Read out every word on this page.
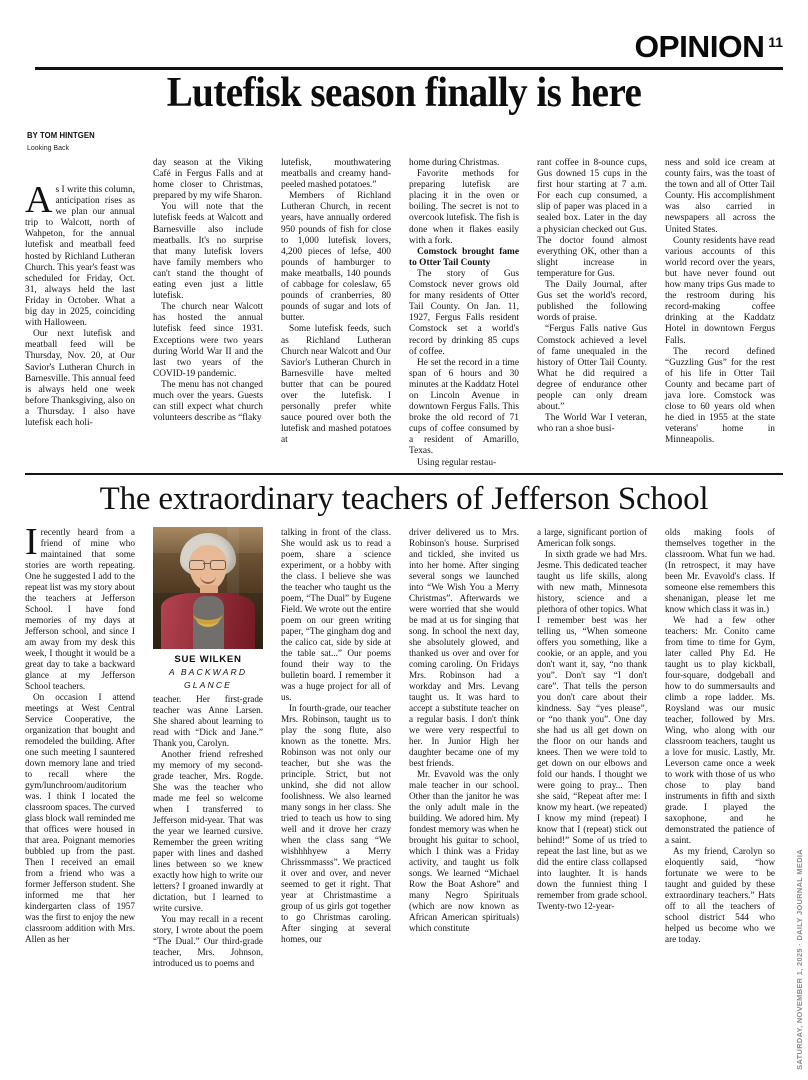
OPINION 11
Lutefisk season finally is here
BY TOM HINTGEN
Looking Back

As I write this column, anticipation rises as we plan our annual trip to Walcott, north of Wahpeton, for the annual lutefisk and meatball feed hosted by Richland Lutheran Church. This year's feast was scheduled for Friday, Oct. 31, always held the last Friday in October. What a big day in 2025, coinciding with Halloween.

Our next lutefisk and meatball feed will be Thursday, Nov. 20, at Our Savior's Lutheran Church in Barnesville. This annual feed is always held one week before Thanksgiving, also on a Thursday. I also have lutefisk each holi-

day season at the Viking Café in Fergus Falls and at home closer to Christmas, prepared by my wife Sharon.

You will note that the lutefisk feeds at Walcott and Barnesville also include meatballs. It's no surprise that many lutefisk lovers have family members who can't stand the thought of eating even just a little lutefisk.

The church near Walcott has hosted the annual lutefisk feed since 1931. Exceptions were two years during World War II and the last two years of the COVID-19 pandemic.

The menu has not changed much over the years. Guests can still expect what church volunteers describe as “flaky

lutefisk, mouthwatering meatballs and creamy hand-peeled mashed potatoes.”

Members of Richland Lutheran Church, in recent years, have annually ordered 950 pounds of fish for close to 1,000 lutefisk lovers, 4,200 pieces of lefse, 400 pounds of hamburger to make meatballs, 140 pounds of cabbage for coleslaw, 65 pounds of cranberries, 80 pounds of sugar and lots of butter.

Some lutefisk feeds, such as Richland Lutheran Church near Walcott and Our Savior's Lutheran Church in Barnesville have melted butter that can be poured over the lutefisk. I personally prefer white sauce poured over both the lutefisk and mashed potatoes at

home during Christmas.

Favorite methods for preparing lutefisk are placing it in the oven or boiling. The secret is not to overcook lutefisk. The fish is done when it flakes easily with a fork.

Comstock brought fame to Otter Tail County

The story of Gus Comstock never grows old for many residents of Otter Tail County. On Jan. 11, 1927, Fergus Falls resident Comstock set a world's record by drinking 85 cups of coffee.

He set the record in a time span of 6 hours and 30 minutes at the Kaddatz Hotel on Lincoln Avenue in downtown Fergus Falls. This broke the old record of 71 cups of coffee consumed by a resident of Amarillo, Texas.

Using regular restau-

rant coffee in 8-ounce cups, Gus downed 15 cups in the first hour starting at 7 a.m. For each cup consumed, a slip of paper was placed in a sealed box. Later in the day a physician checked out Gus. The doctor found almost everything OK, other than a slight increase in temperature for Gus.

The Daily Journal, after Gus set the world's record, published the following words of praise.

“Fergus Falls native Gus Comstock achieved a level of fame unequaled in the history of Otter Tail County. What he did required a degree of endurance other people can only dream about.”

The World War I veteran, who ran a shoe busi-

ness and sold ice cream at county fairs, was the toast of the town and all of Otter Tail County. His accomplishment was also carried in newspapers all across the United States.

County residents have read various accounts of this world record over the years, but have never found out how many trips Gus made to the restroom during his record-making coffee drinking at the Kaddatz Hotel in downtown Fergus Falls.

The record defined “Guzzling Gus” for the rest of his life in Otter Tail County and became part of java lore. Comstock was close to 60 years old when he died in 1955 at the state veterans' home in Minneapolis.

The extraordinary teachers of Jefferson School

Irecently heard from a friend of mine who maintained that some stories are worth repeating. One he suggested I add to the repeat list was my story about the teachers at Jefferson School. I have fond memories of my days at Jefferson school, and since I am away from my desk this week, I thought it would be a great day to take a backward glance at my Jefferson School teachers.

On occasion I attend meetings at West Central Service Cooperative, the organization that bought and remodeled the building. After one such meeting I sauntered down memory lane and tried to recall where the gym/lunchroom/auditorium was. I think I located the classroom spaces. The curved glass block wall reminded me that offices were housed in that area. Poignant memories bubbled up from the past. Then I received an email from a friend who was a former Jefferson student. She informed me that her kindergarten class of 1957 was the first to enjoy the new classroom addition with Mrs. Allen as her

talking in front of the class. She would ask us to read a poem, share a science experiment, or a hobby with the class. I believe she was the teacher who taught us the poem, “The Dual” by Eugene Field. We wrote out the entire poem on our green writing paper, “The gingham dog and the calico cat, side by side at the table sat...” Our poems found their way to the bulletin board. I remember it was a huge project for all of us.

In fourth-grade, our teacher Mrs. Robinson, taught us to play the song flute, also known as the tonette. Mrs. Robinson was not only our teacher, but she was the principle. Strict, but not unkind, she did not allow foolishness. We also learned many songs in her class. She tried to teach us how to sing well and it drove her crazy when the class sang “We wishhhhyew a Merry Chrissmmasss”. We practiced it over and over, and never seemed to get it right. That year at Christmastime a group of us girls got together to go Christmas caroling. After singing at several homes, our

driver delivered us to Mrs. Robinson's house. Surprised and tickled, she invited us into her home. After singing several songs we launched into “We Wish You a Merry Christmas”. Afterwards we were worried that she would be mad at us for singing that song. In school the next day, she absolutely glowed, and thanked us over and over for coming caroling. On Fridays Mrs. Robinson had a workday and Mrs. Levang taught us. It was hard to accept a substitute teacher on a regular basis. I don't think we were very respectful to her. In Junior High her daughter became one of my best friends.

Mr. Evavold was the only male teacher in our school. Other than the janitor he was the only adult male in the building. We adored him. My fondest memory was when he brought his guitar to school, which I think was a Friday activity, and taught us folk songs. We learned “Michael Row the Boat Ashore” and many Negro Spirituals (which are now known as African American spirituals) which constitute

a large, significant portion of American folk songs.

In sixth grade we had Mrs. Jesme. This dedicated teacher taught us life skills, along with new math, Minnesota history, science and a plethora of other topics. What I remember best was her telling us, “When someone offers you something, like a cookie, or an apple, and you don't want it, say, “no thank you”. Don't say “I don't care”. That tells the person you don't care about their kindness. Say “yes please”, or “no thank you”. One day she had us all get down on the floor on our hands and knees. Then we were told to get down on our elbows and fold our hands. I thought we were going to pray... Then she said, “Repeat after me: I know my heart. (we repeated) I know my mind (repeat) I know that I (repeat) stick out behind!” Some of us tried to repeat the last line, but as we did the entire class collapsed into laughter. It is hands down the funniest thing I remember from grade school. Twenty-two 12-year-

olds making fools of themselves together in the classroom. What fun we had. (In retrospect, it may have been Mr. Evavold's class. If someone else remembers this shenanigan, please let me know which class it was in.)

We had a few other teachers: Mr. Conito came from time to time for Gym, later called Phy Ed. He taught us to play kickball, four-square, dodgeball and how to do summersaults and climb a rope ladder. Ms. Roysland was our music teacher, followed by Mrs. Wing, who along with our classroom teachers, taught us a love for music. Lastly, Mr. Leverson came once a week to work with those of us who chose to play band instruments in fifth and sixth grade. I played the saxophone, and he demonstrated the patience of a saint.

As my friend, Carolyn so eloquently said, “how fortunate we were to be taught and guided by these extraordinary teachers.” Hats off to all the teachers of school district 544 who helped us become who we are today.

SUE WILKEN
A BACKWARD
GLANCE

teacher. Her first-grade teacher was Anne Larsen. She shared about learning to read with “Dick and Jane.” Thank you, Carolyn.

Another friend refreshed my memory of my second-grade teacher, Mrs. Rogde. She was the teacher who made me feel so welcome when I transferred to Jefferson mid-year. That was the year we learned cursive. Remember the green writing paper with lines and dashed lines between so we knew exactly how high to write our letters? I groaned inwardly at dictation, but I learned to write cursive.

You may recall in a recent story, I wrote about the poem “The Dual.” Our third-grade teacher, Mrs. Johnson, introduced us to poems and	SATURDAY, NOVEMBER 1, 2025 · DAILY JOURNAL MEDIA
